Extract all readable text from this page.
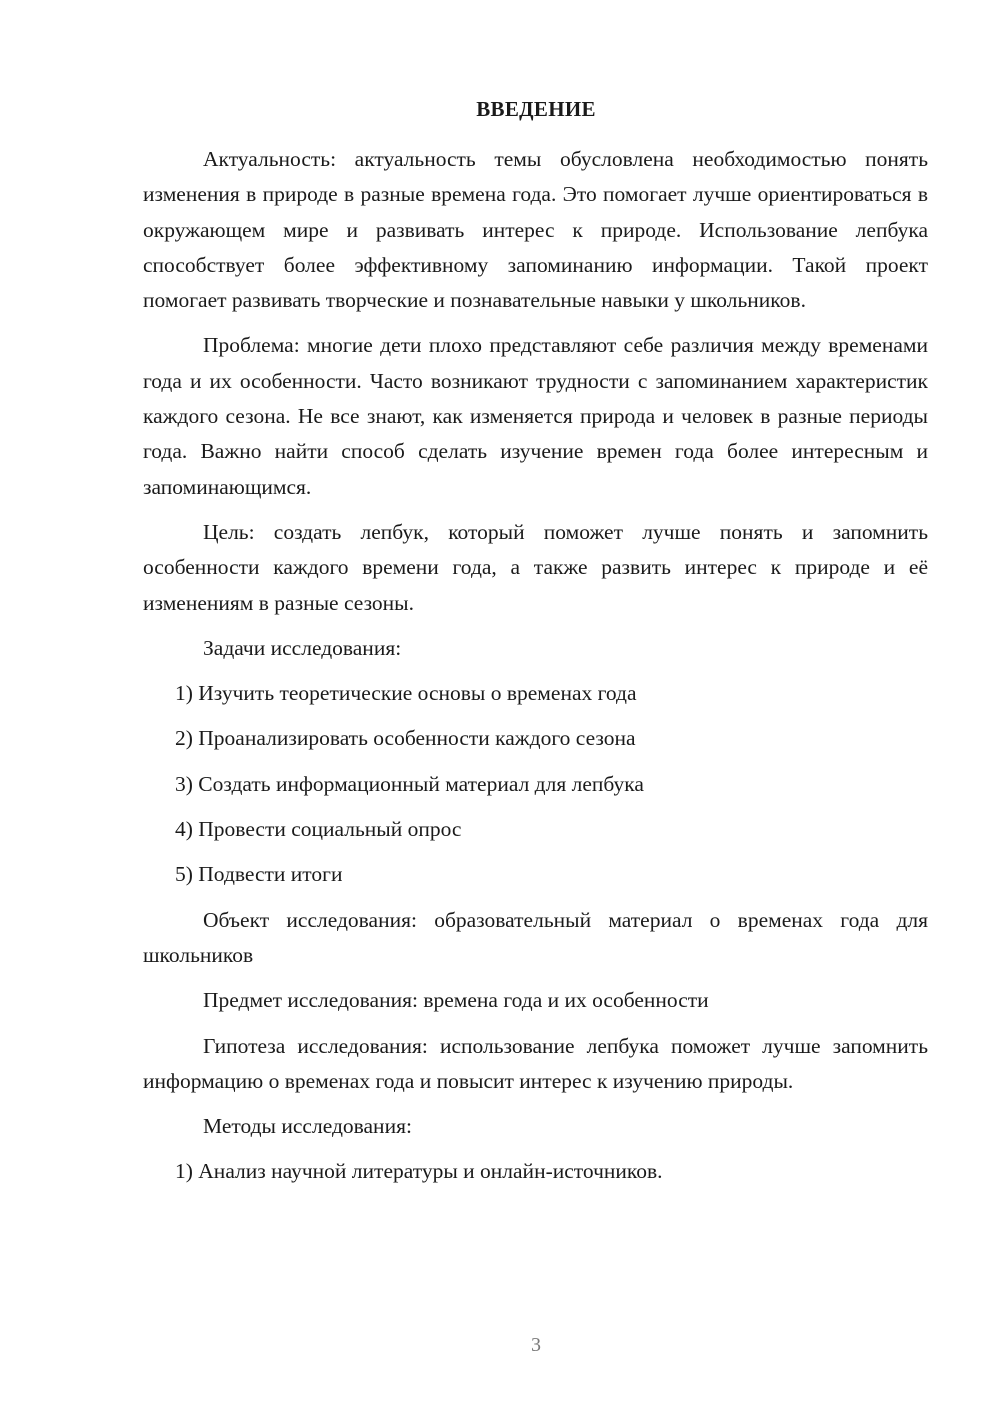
ВВЕДЕНИЕ

Актуальность: актуальность темы обусловлена необходимостью понять изменения в природе в разные времена года. Это помогает лучше ориентироваться в окружающем мире и развивать интерес к природе. Использование лепбука способствует более эффективному запоминанию информации. Такой проект помогает развивать творческие и познавательные навыки у школьников.

Проблема: многие дети плохо представляют себе различия между временами года и их особенности. Часто возникают трудности с запоминанием характеристик каждого сезона. Не все знают, как изменяется природа и человек в разные периоды года. Важно найти способ сделать изучение времен года более интересным и запоминающимся.

Цель: создать лепбук, который поможет лучше понять и запомнить особенности каждого времени года, а также развить интерес к природе и её изменениям в разные сезоны.

Задачи исследования:

1) Изучить теоретические основы о временах года

2) Проанализировать особенности каждого сезона

3) Создать информационный материал для лепбука

4) Провести социальный опрос

5) Подвести итоги

Объект исследования: образовательный материал о временах года для школьников

Предмет исследования: времена года и их особенности

Гипотеза исследования: использование лепбука поможет лучше запомнить информацию о временах года и повысит интерес к изучению природы.

Методы исследования:

1) Анализ научной литературы и онлайн-источников.

3
